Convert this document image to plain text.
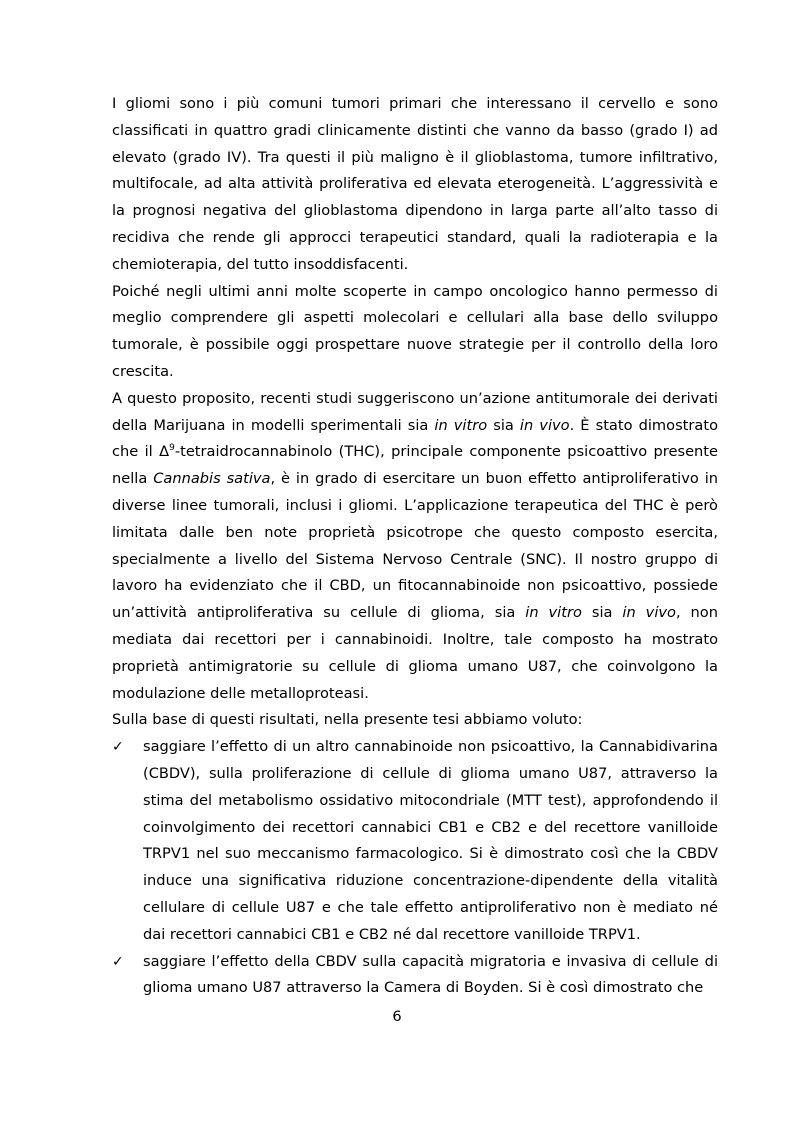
I gliomi sono i più comuni tumori primari che interessano il cervello e sono classificati in quattro gradi clinicamente distinti che vanno da basso (grado I) ad elevato (grado IV). Tra questi il più maligno è il glioblastoma, tumore infiltrativo, multifocale, ad alta attività proliferativa ed elevata eterogeneità. L’aggressività e la prognosi negativa del glioblastoma dipendono in larga parte all’alto tasso di recidiva che rende gli approcci terapeutici standard, quali la radioterapia e la chemioterapia, del tutto insoddisfacenti.

Poiché negli ultimi anni molte scoperte in campo oncologico hanno permesso di meglio comprendere gli aspetti molecolari e cellulari alla base dello sviluppo tumorale, è possibile oggi prospettare nuove strategie per il controllo della loro crescita.

A questo proposito, recenti studi suggeriscono un’azione antitumorale dei derivati della Marijuana in modelli sperimentali sia in vitro sia in vivo. È stato dimostrato che il $\Delta^9$-tetraidrocannabinolo (THC), principale componente psicoattivo presente nella Cannabis sativa, è in grado di esercitare un buon effetto antiproliferativo in diverse linee tumorali, inclusi i gliomi. L’applicazione terapeutica del THC è però limitata dalle ben note proprietà psicotrope che questo composto esercita, specialmente a livello del Sistema Nervoso Centrale (SNC). Il nostro gruppo di lavoro ha evidenziato che il CBD, un fitocannabinoide non psicoattivo, possiede un’attività antiproliferativa su cellule di glioma, sia in vitro sia in vivo, non mediata dai recettori per i cannabinoidi. Inoltre, tale composto ha mostrato proprietà antimigratorie su cellule di glioma umano U87, che coinvolgono la modulazione delle metalloproteasi.

Sulla base di questi risultati, nella presente tesi abbiamo voluto:

✓	saggiare l’effetto di un altro cannabinoide non psicoattivo, la Cannabidivarina (CBDV), sulla proliferazione di cellule di glioma umano U87, attraverso la stima del metabolismo ossidativo mitocondriale (MTT test), approfondendo il coinvolgimento dei recettori cannabici CB1 e CB2 e del recettore vanilloide TRPV1 nel suo meccanismo farmacologico. Si è dimostrato così che la CBDV induce una significativa riduzione concentrazione-dipendente della vitalità cellulare di cellule U87 e che tale effetto antiproliferativo non è mediato né dai recettori cannabici CB1 e CB2 né dal recettore vanilloide TRPV1.
✓	saggiare l’effetto della CBDV sulla capacità migratoria e invasiva di cellule di glioma umano U87 attraverso la Camera di Boyden. Si è così dimostrato che
6
